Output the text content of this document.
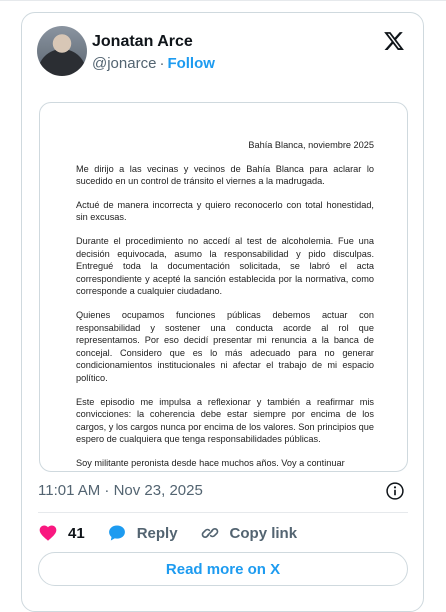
Jonatan Arce
@jonarce · Follow
Bahía Blanca, noviembre 2025

Me dirijo a las vecinas y vecinos de Bahía Blanca para aclarar lo sucedido en un control de tránsito el viernes a la madrugada.

Actué de manera incorrecta y quiero reconocerlo con total honestidad, sin excusas.

Durante el procedimiento no accedí al test de alcoholemia. Fue una decisión equivocada, asumo la responsabilidad y pido disculpas. Entregué toda la documentación solicitada, se labró el acta correspondiente y acepté la sanción establecida por la normativa, como corresponde a cualquier ciudadano.

Quienes ocupamos funciones públicas debemos actuar con responsabilidad y sostener una conducta acorde al rol que representamos. Por eso decidí presentar mi renuncia a la banca de concejal. Considero que es lo más adecuado para no generar condicionamientos institucionales ni afectar el trabajo de mi espacio político.

Este episodio me impulsa a reflexionar y también a reafirmar mis convicciones: la coherencia debe estar siempre por encima de los cargos, y los cargos nunca por encima de los valores. Son principios que espero de cualquiera que tenga responsabilidades públicas.

Soy militante peronista desde hace muchos años. Voy a continuar

11:01 AM · Nov 23, 2025
41	Reply	Copy link
Read more on X
